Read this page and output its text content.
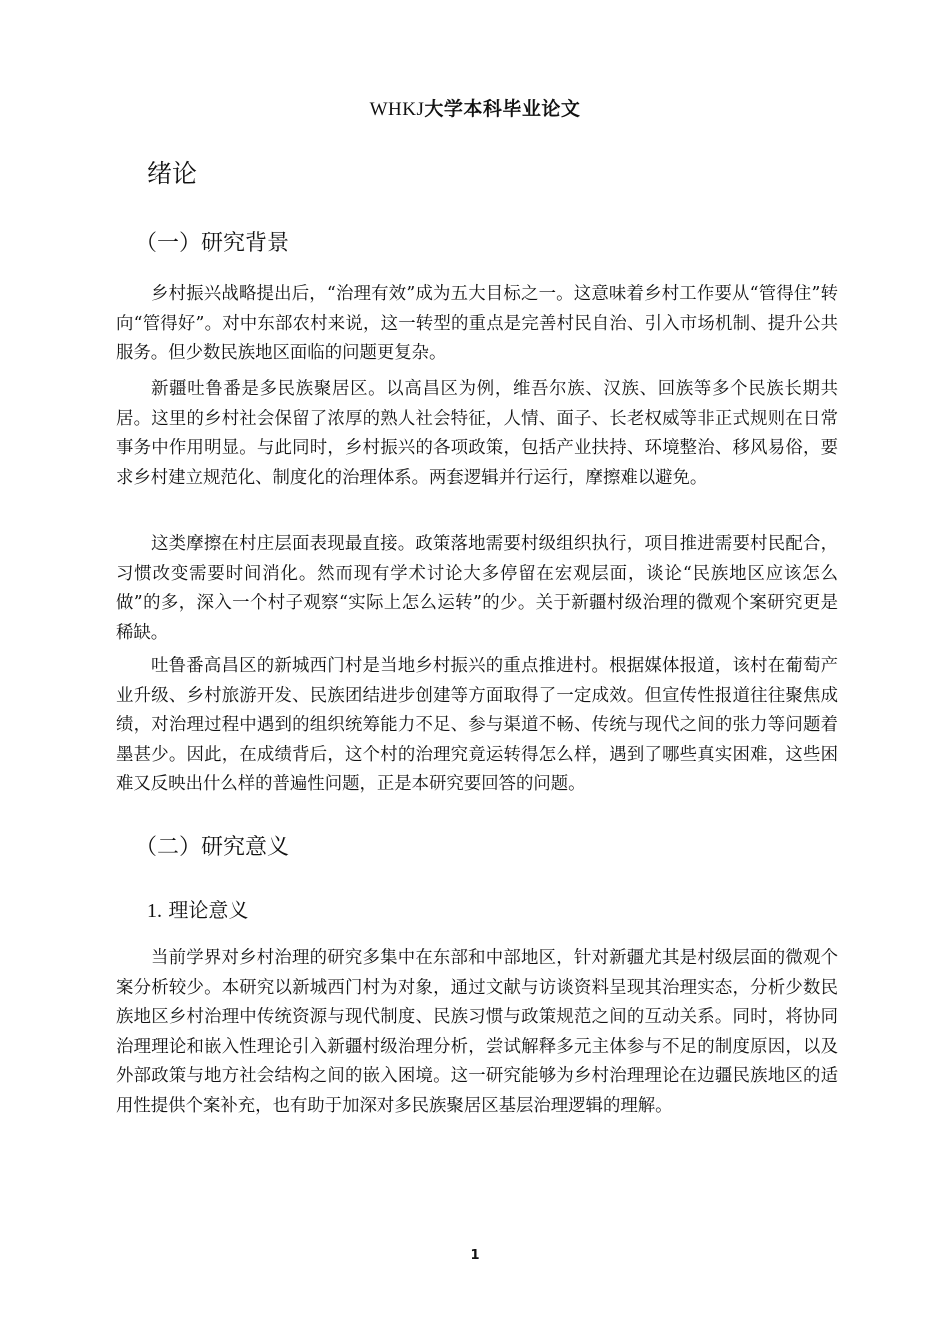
WHKJ大学本科毕业论文
绪论
（一）研究背景

乡村振兴战略提出后，“治理有效”成为五大目标之一。这意味着乡村工作要从“管得住”转向“管得好”。对中东部农村来说，这一转型的重点是完善村民自治、引入市场机制、提升公共服务。但少数民族地区面临的问题更复杂。

新疆吐鲁番是多民族聚居区。以高昌区为例，维吾尔族、汉族、回族等多个民族长期共居。这里的乡村社会保留了浓厚的熟人社会特征，人情、面子、长老权威等非正式规则在日常事务中作用明显。与此同时，乡村振兴的各项政策，包括产业扶持、环境整治、移风易俗，要求乡村建立规范化、制度化的治理体系。两套逻辑并行运行，摩擦难以避免。

这类摩擦在村庄层面表现最直接。政策落地需要村级组织执行，项目推进需要村民配合，习惯改变需要时间消化。然而现有学术讨论大多停留在宏观层面，谈论“民族地区应该怎么做”的多，深入一个村子观察“实际上怎么运转”的少。关于新疆村级治理的微观个案研究更是稀缺。

吐鲁番高昌区的新城西门村是当地乡村振兴的重点推进村。根据媒体报道，该村在葡萄产业升级、乡村旅游开发、民族团结进步创建等方面取得了一定成效。但宣传性报道往往聚焦成绩，对治理过程中遇到的组织统筹能力不足、参与渠道不畅、传统与现代之间的张力等问题着墨甚少。因此，在成绩背后，这个村的治理究竟运转得怎么样，遇到了哪些真实困难，这些困难又反映出什么样的普遍性问题，正是本研究要回答的问题。

（二）研究意义
1. 理论意义

当前学界对乡村治理的研究多集中在东部和中部地区，针对新疆尤其是村级层面的微观个案分析较少。本研究以新城西门村为对象，通过文献与访谈资料呈现其治理实态，分析少数民族地区乡村治理中传统资源与现代制度、民族习惯与政策规范之间的互动关系。同时，将协同治理理论和嵌入性理论引入新疆村级治理分析，尝试解释多元主体参与不足的制度原因，以及外部政策与地方社会结构之间的嵌入困境。这一研究能够为乡村治理理论在边疆民族地区的适用性提供个案补充，也有助于加深对多民族聚居区基层治理逻辑的理解。

1
